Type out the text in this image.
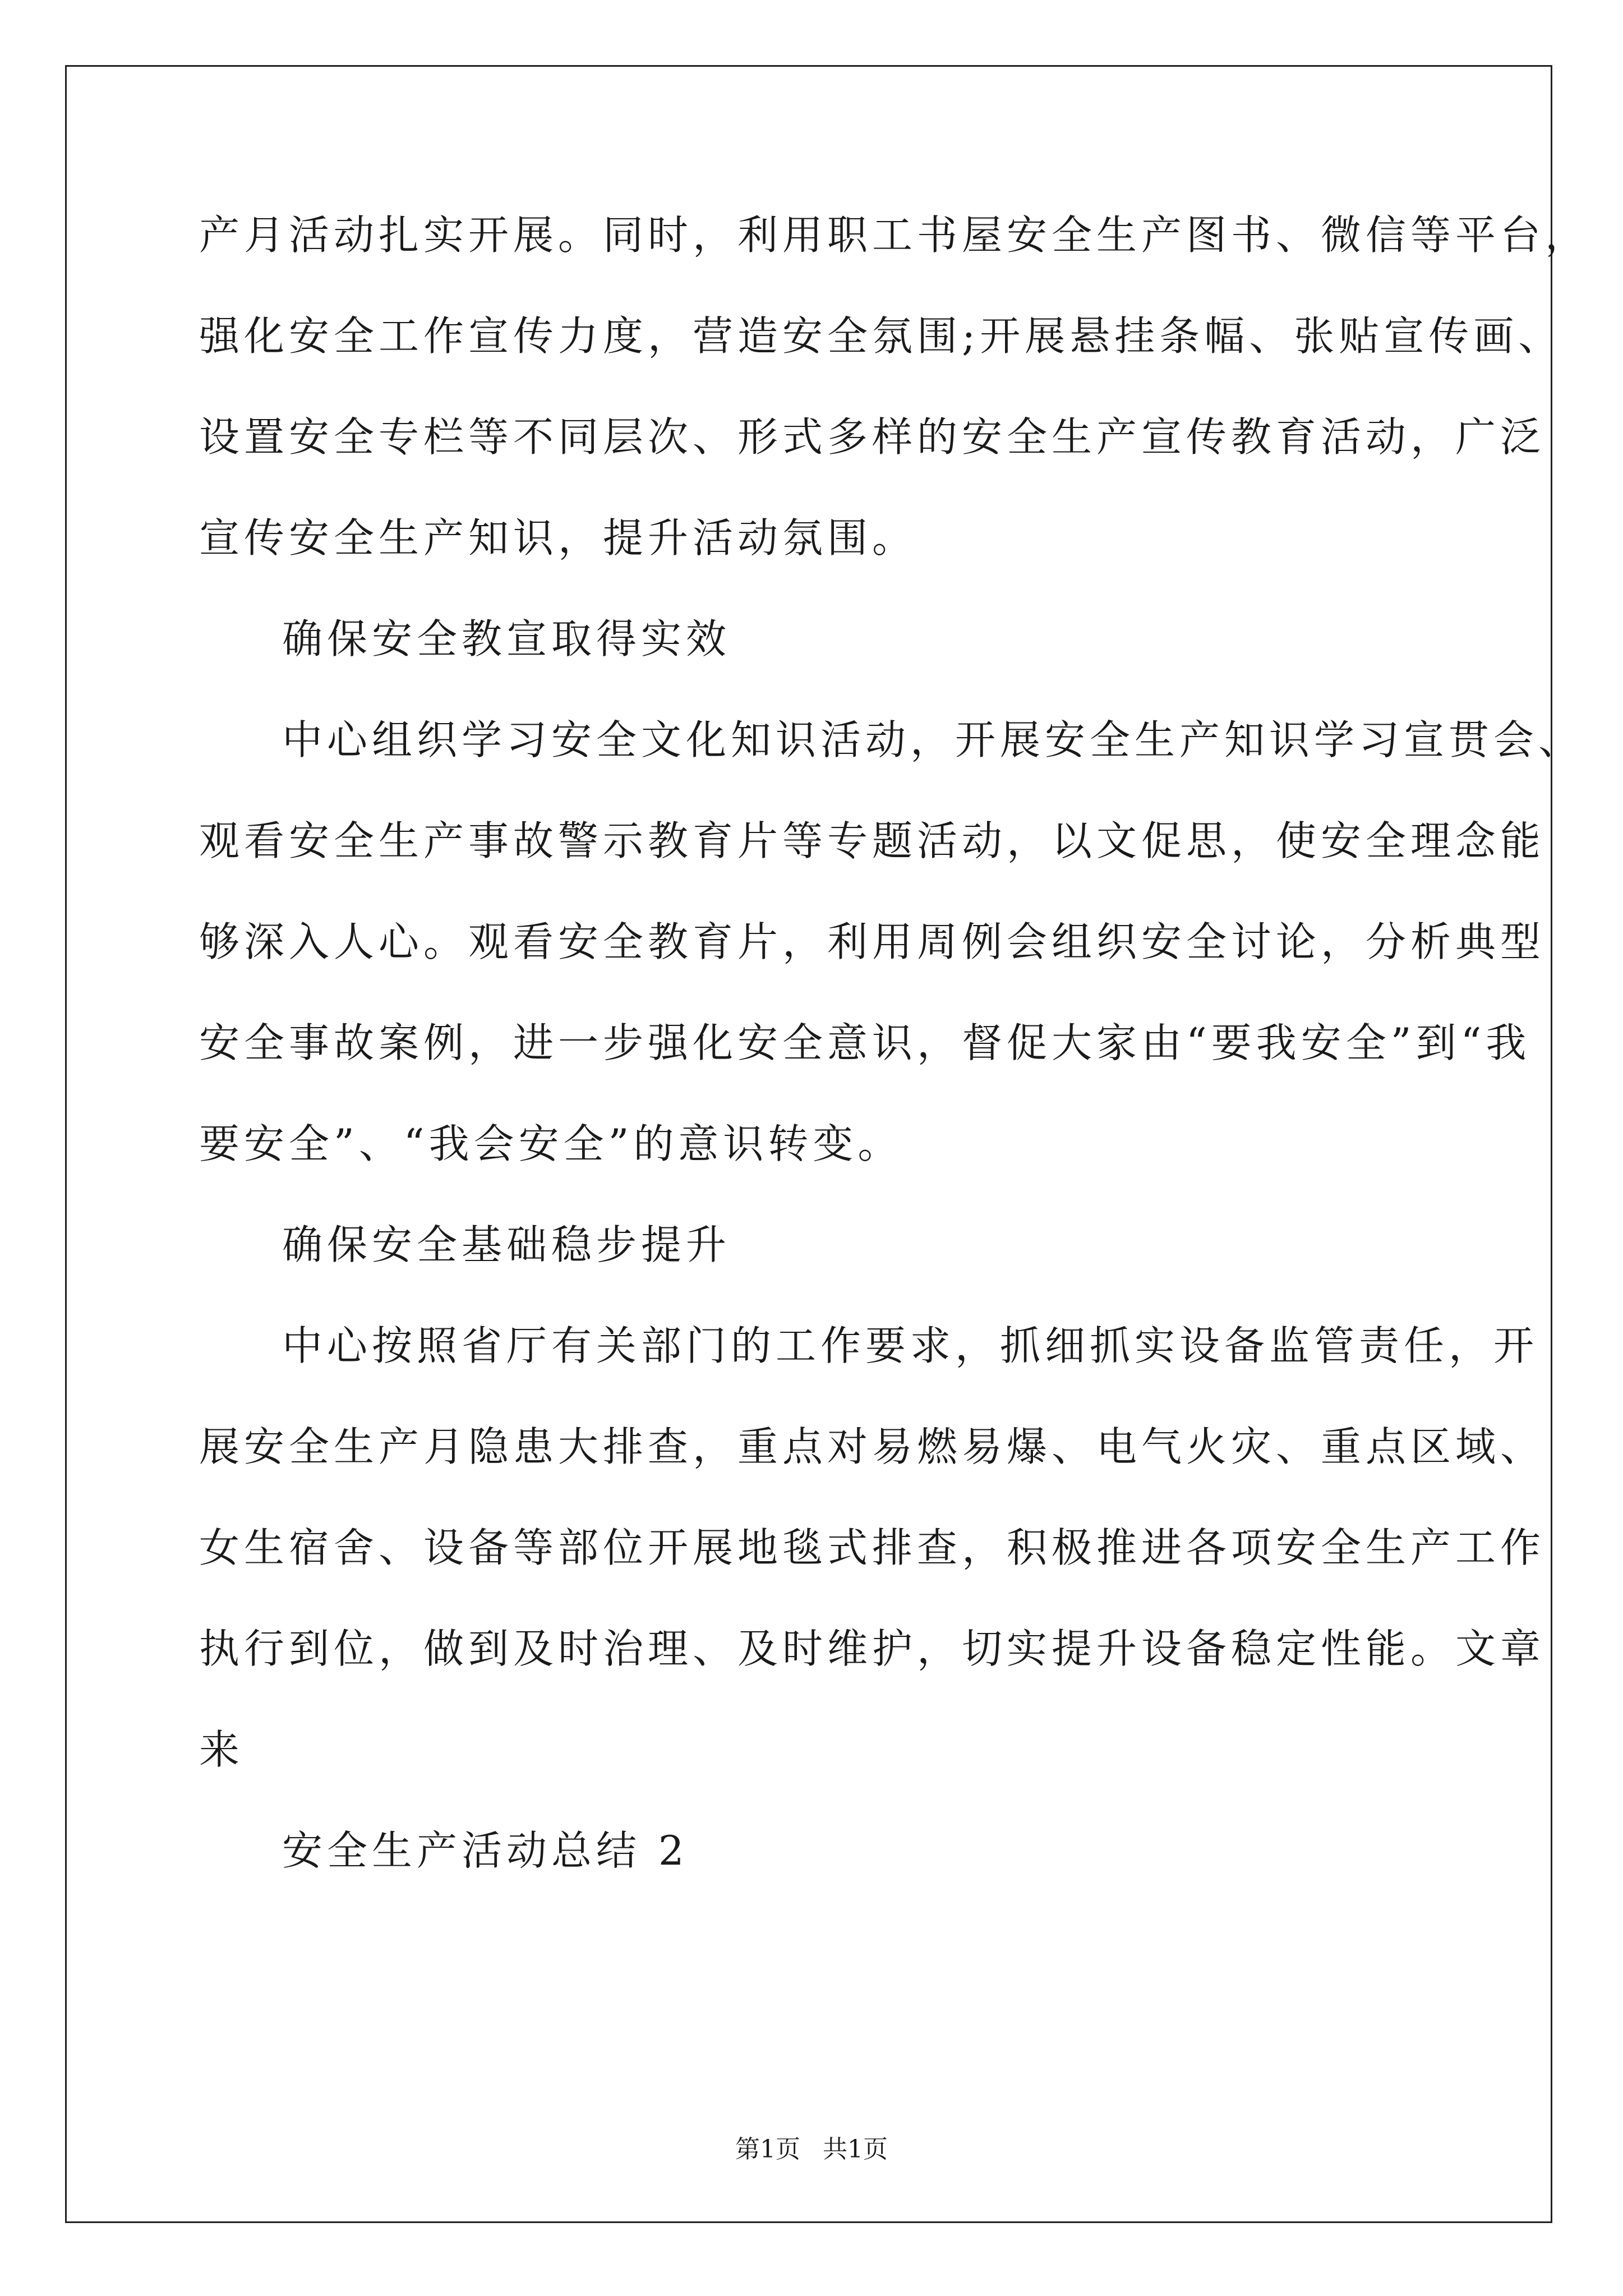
产月活动扎实开展。同时，利用职工书屋安全生产图书、微信等平台，
强化安全工作宣传力度，营造安全氛围;开展悬挂条幅、张贴宣传画、
设置安全专栏等不同层次、形式多样的安全生产宣传教育活动，广泛
宣传安全生产知识，提升活动氛围。
确保安全教宣取得实效
中心组织学习安全文化知识活动，开展安全生产知识学习宣贯会、
观看安全生产事故警示教育片等专题活动，以文促思，使安全理念能
够深入人心。观看安全教育片，利用周例会组织安全讨论，分析典型
安全事故案例，进一步强化安全意识，督促大家由“要我安全”到“我
要安全”、“我会安全”的意识转变。
确保安全基础稳步提升
中心按照省厅有关部门的工作要求，抓细抓实设备监管责任，开
展安全生产月隐患大排查，重点对易燃易爆、电气火灾、重点区域、
女生宿舍、设备等部位开展地毯式排查，积极推进各项安全生产工作
执行到位，做到及时治理、及时维护，切实提升设备稳定性能。文章
来
安全生产活动总结 2
第1页 共1页
